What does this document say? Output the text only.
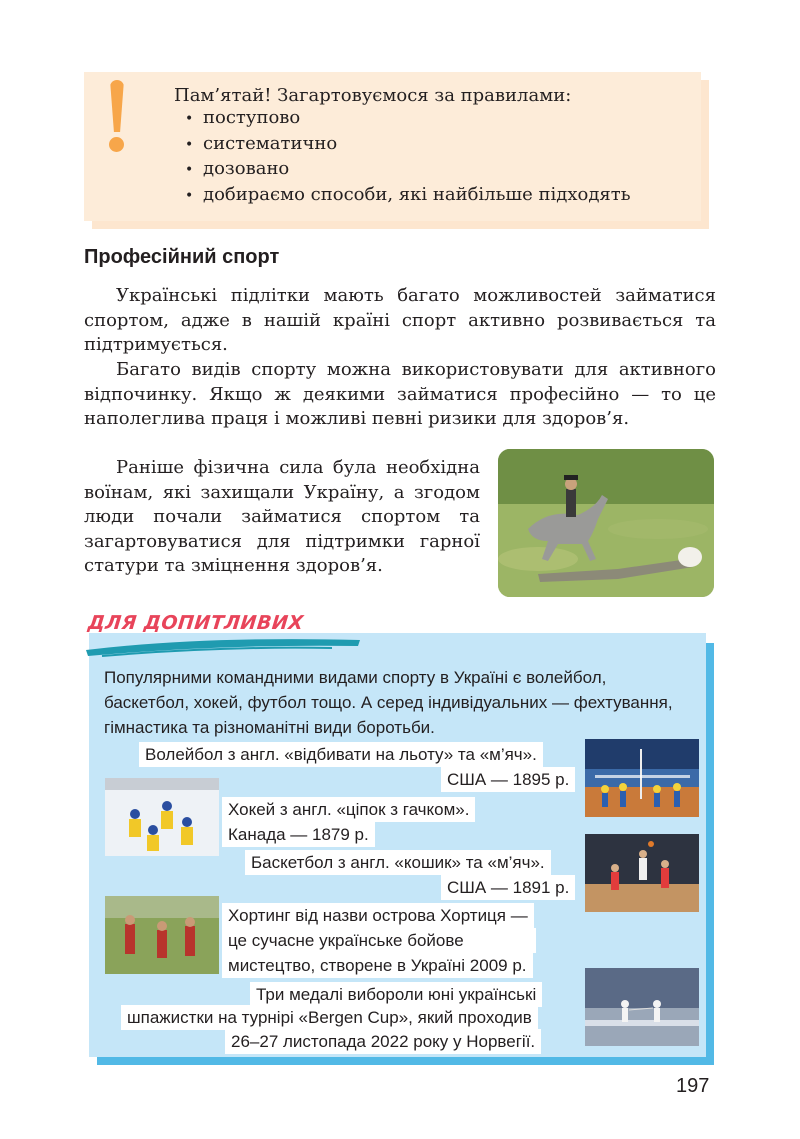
Пам’ятай! Загартовуємося за правилами:
• поступово
• систематично
• дозовано
• добираємо способи, які найбільше підходять
Професійний спорт

Українські підлітки мають багато можливостей займатися спортом, адже в нашій країні спорт активно розвивається та підтримується.

Багато видів спорту можна використовувати для активного відпочинку. Якщо ж деякими займатися професійно — то це наполеглива праця і можливі певні ризики для здоров’я.

Раніше фізична сила була необхідна воїнам, які захищали Україну, а згодом люди почали займатися спортом та загартовуватися для підтримки гарної статури та зміцнення здоров’я.

ДЛЯ ДОПИТЛИВИХ
Популярними командними видами спорту в Україні є волейбол, баскетбол, хокей, футбол тощо. А серед індивідуальних — фехтування, гімнастика та різноманітні види боротьби.
Волейбол з англ. «відбивати на льоту» та «м’яч».
США — 1895 р.
Хокей з англ. «ціпок з гачком».
Канада — 1879 р.
Баскетбол з англ. «кошик» та «м’яч».
США — 1891 р.
Хортинг від назви острова Хортиця —
це сучасне українське бойове
мистецтво, створене в Україні 2009 р.
Три медалі вибороли юні українські
шпажистки на турнірі «Bergen Cup», який проходив
26–27 листопада 2022 року у Норвегії.
197
